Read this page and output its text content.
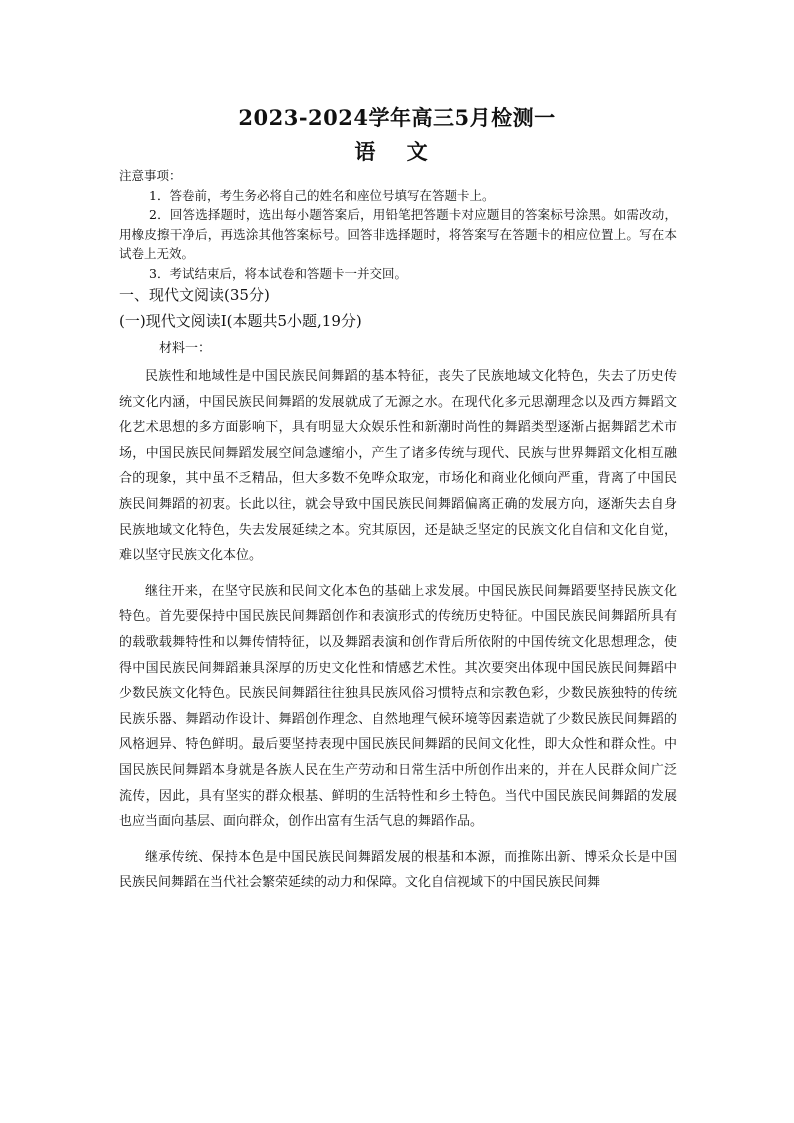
2023-2024学年高三5月检测一
语 文

注意事项：

1．答卷前，考生务必将自己的姓名和座位号填写在答题卡上。

2．回答选择题时，选出每小题答案后，用铅笔把答题卡对应题目的答案标号涂黑。如需改动，用橡皮擦干净后，再选涂其他答案标号。回答非选择题时，将答案写在答题卡的相应位置上。写在本试卷上无效。

3．考试结束后，将本试卷和答题卡一并交回。

一、现代文阅读(35分)
(一)现代文阅读Ⅰ(本题共5小题,19分)
材料一：

民族性和地域性是中国民族民间舞蹈的基本特征，丧失了民族地域文化特色，失去了历史传统文化内涵，中国民族民间舞蹈的发展就成了无源之水。在现代化多元思潮理念以及西方舞蹈文化艺术思想的多方面影响下，具有明显大众娱乐性和新潮时尚性的舞蹈类型逐渐占据舞蹈艺术市场，中国民族民间舞蹈发展空间急遽缩小，产生了诸多传统与现代、民族与世界舞蹈文化相互融合的现象，其中虽不乏精品，但大多数不免哗众取宠，市场化和商业化倾向严重，背离了中国民族民间舞蹈的初衷。长此以往，就会导致中国民族民间舞蹈偏离正确的发展方向，逐渐失去自身民族地域文化特色，失去发展延续之本。究其原因，还是缺乏坚定的民族文化自信和文化自觉，难以坚守民族文化本位。

继往开来，在坚守民族和民间文化本色的基础上求发展。中国民族民间舞蹈要坚持民族文化特色。首先要保持中国民族民间舞蹈创作和表演形式的传统历史特征。中国民族民间舞蹈所具有的载歌载舞特性和以舞传情特征，以及舞蹈表演和创作背后所依附的中国传统文化思想理念，使得中国民族民间舞蹈兼具深厚的历史文化性和情感艺术性。其次要突出体现中国民族民间舞蹈中少数民族文化特色。民族民间舞蹈往往独具民族风俗习惯特点和宗教色彩，少数民族独特的传统民族乐器、舞蹈动作设计、舞蹈创作理念、自然地理气候环境等因素造就了少数民族民间舞蹈的风格迥异、特色鲜明。最后要坚持表现中国民族民间舞蹈的民间文化性，即大众性和群众性。中国民族民间舞蹈本身就是各族人民在生产劳动和日常生活中所创作出来的，并在人民群众间广泛流传，因此，具有坚实的群众根基、鲜明的生活特性和乡土特色。当代中国民族民间舞蹈的发展也应当面向基层、面向群众，创作出富有生活气息的舞蹈作品。

继承传统、保持本色是中国民族民间舞蹈发展的根基和本源，而推陈出新、博采众长是中国民族民间舞蹈在当代社会繁荣延续的动力和保障。文化自信视域下的中国民族民间舞
